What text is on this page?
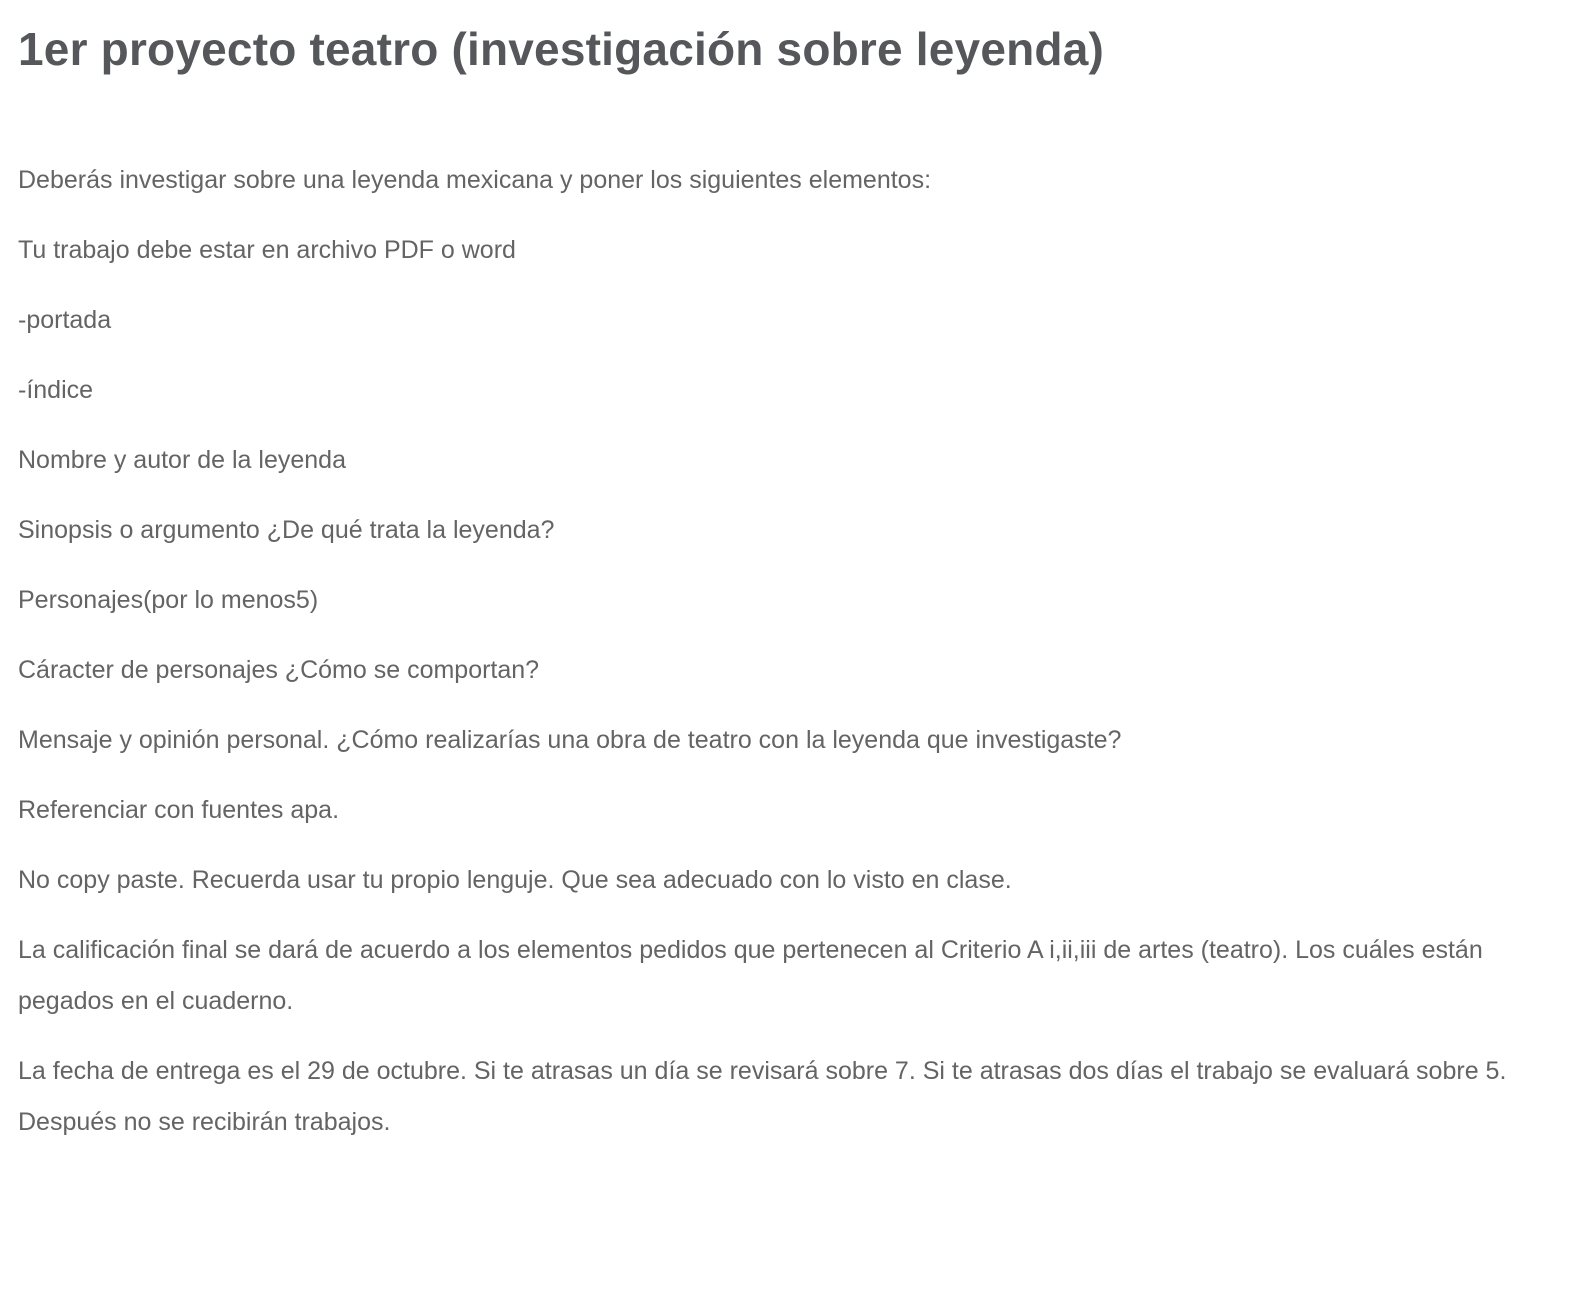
1er proyecto teatro (investigación sobre leyenda)

Deberás investigar sobre una leyenda mexicana y poner los siguientes elementos:

Tu trabajo debe estar en archivo PDF o word

-portada

-índice

Nombre y autor de la leyenda

Sinopsis o argumento ¿De qué trata la leyenda?

Personajes(por lo menos5)

Cáracter de personajes ¿Cómo se comportan?

Mensaje y opinión personal. ¿Cómo realizarías una obra de teatro con la leyenda que investigaste?

Referenciar con fuentes apa.

No copy paste. Recuerda usar tu propio lenguje. Que sea adecuado con lo visto en clase.

La calificación final se dará de acuerdo a los elementos pedidos que pertenecen al Criterio A i,ii,iii de artes (teatro). Los cuáles están pegados en el cuaderno.

La fecha de entrega es el 29 de octubre. Si te atrasas un día se revisará sobre 7. Si te atrasas dos días el trabajo se evaluará sobre 5. Después no se recibirán trabajos.
